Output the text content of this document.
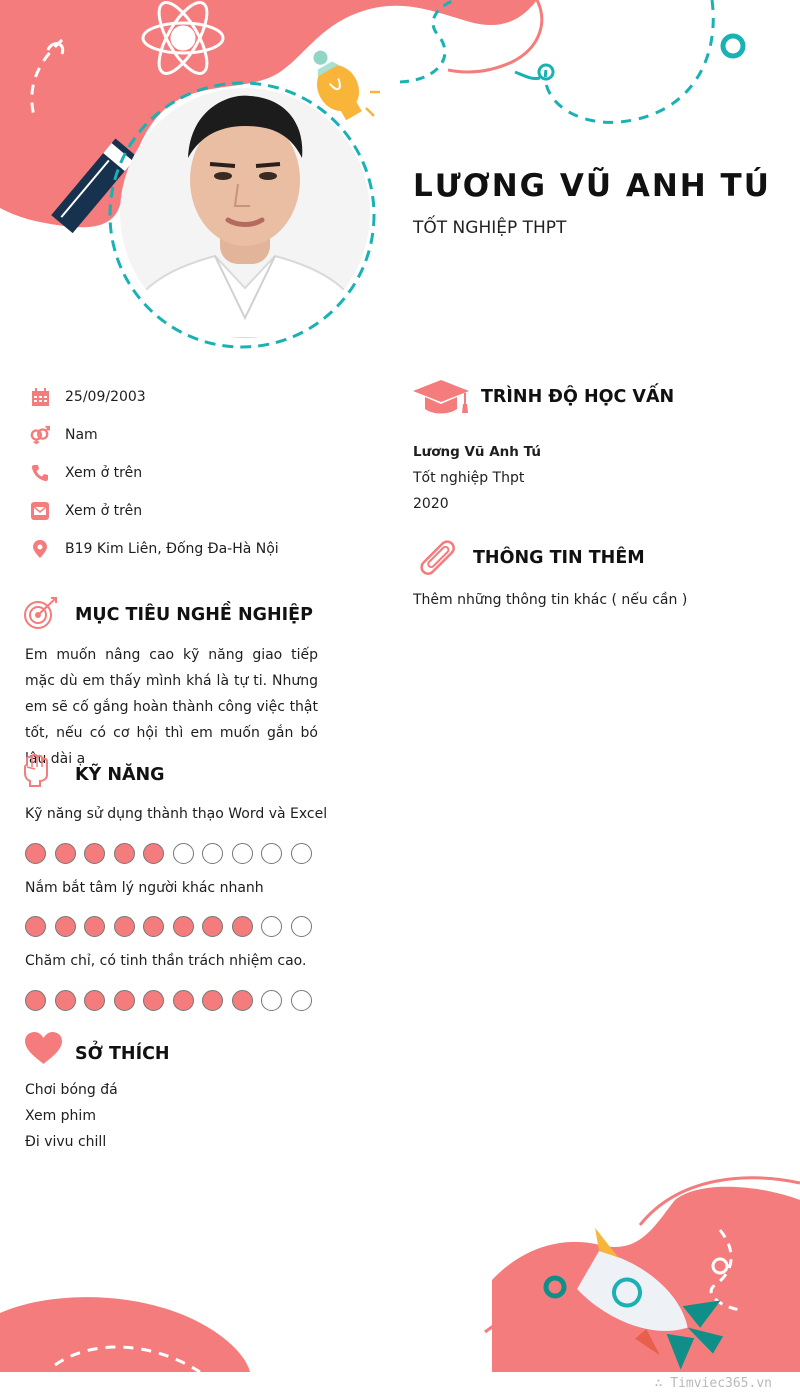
LƯƠNG VŨ ANH TÚ
TỐT NGHIỆP THPT
25/09/2003
Nam
Xem ở trên
Xem ở trên
B19 Kim Liên, Đống Đa-Hà Nội
MỤC TIÊU NGHỀ NGHIỆP
Em muốn nâng cao kỹ năng giao tiếp mặc dù em thấy mình khá là tự ti. Nhưng em sẽ cố gắng hoàn thành công việc thật tốt, nếu có cơ hội thì em muốn gắn bó lâu dài ạ
KỸ NĂNG
Kỹ năng sử dụng thành thạo Word và Excel
Nắm bắt tâm lý người khác nhanh
Chăm chỉ, có tinh thần trách nhiệm cao.
SỞ THÍCH
Chơi bóng đá
Xem phim
Đi vivu chill
TRÌNH ĐỘ HỌC VẤN
Lương Vũ Anh Tú
Tốt nghiệp Thpt
2020
THÔNG TIN THÊM
Thêm những thông tin khác ( nếu cần )
∴ Timviec365.vn
